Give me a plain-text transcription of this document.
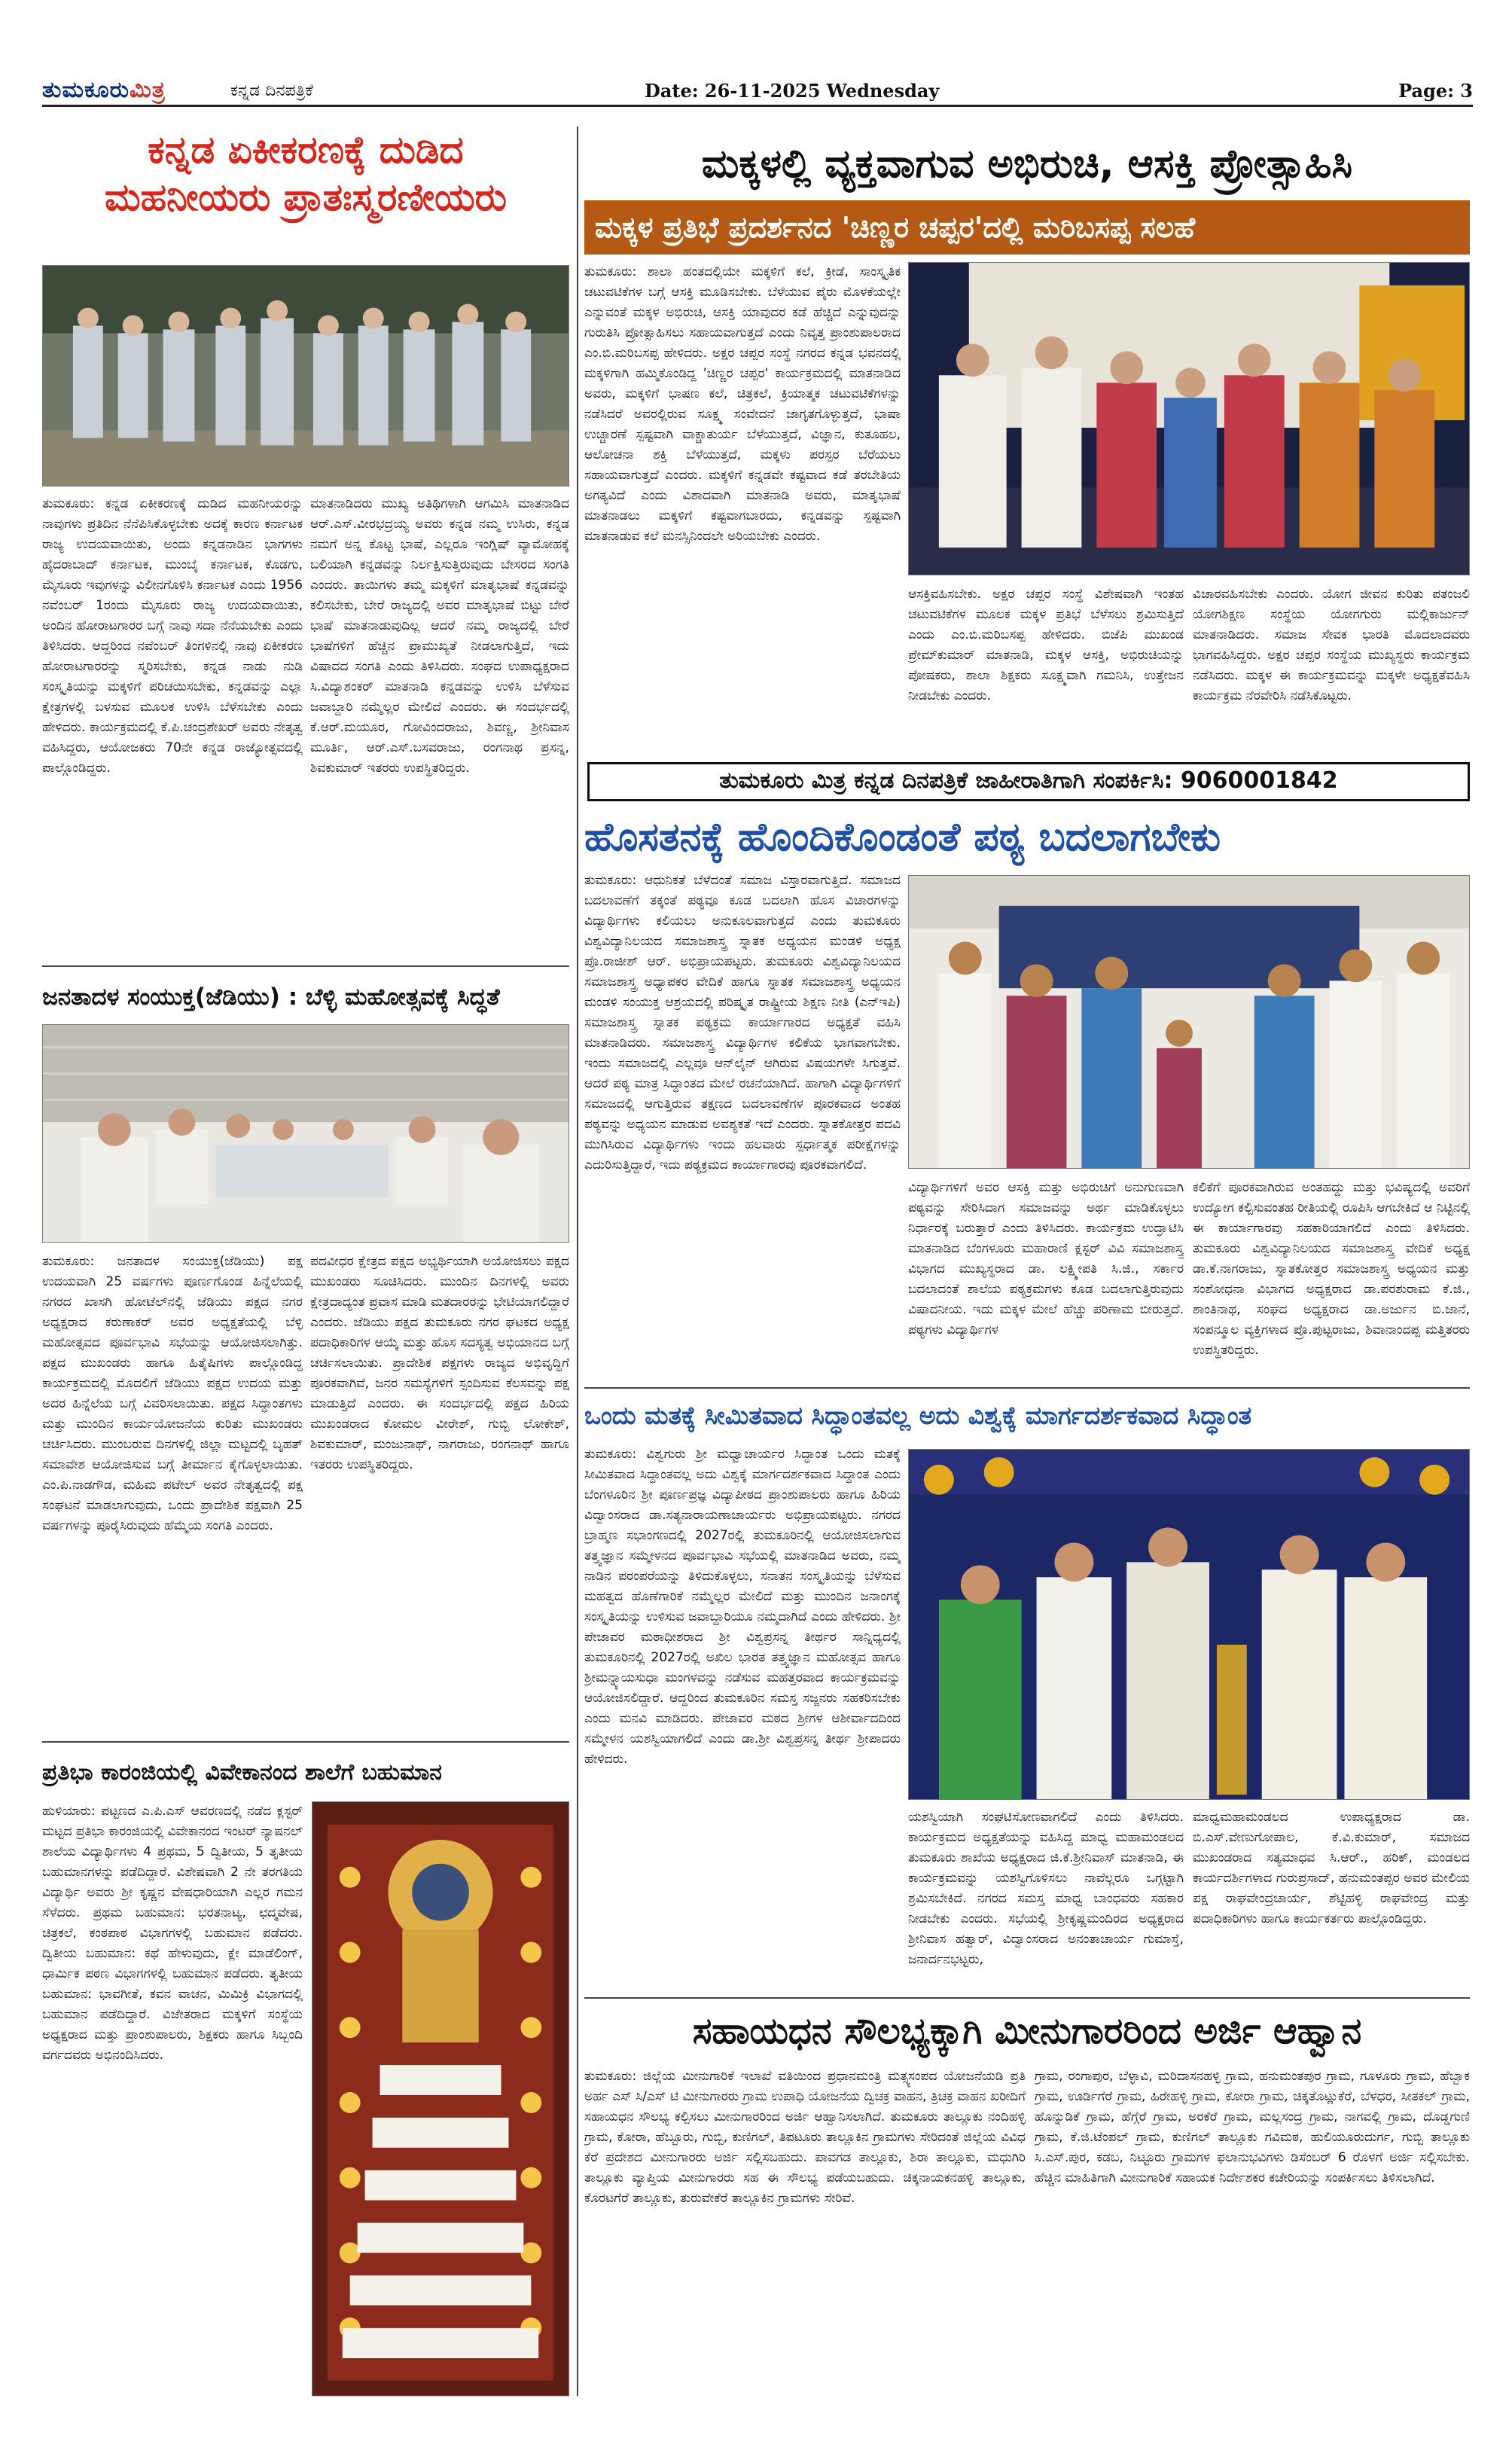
ತುಮಕೂರುಮಿತ್ರ	ಕನ್ನಡ ದಿನಪತ್ರಿಕೆ	Date: 26-11-2025 Wednesday	Page: 3
ಕನ್ನಡ ಏಕೀಕರಣಕ್ಕೆ ದುಡಿದ
ಮಹನೀಯರು ಪ್ರಾತಃಸ್ಮರಣೀಯರು
ತುಮಕೂರು: ಕನ್ನಡ ಏಕೀಕರಣಕ್ಕೆ ದುಡಿದ ಮಹನೀಯರನ್ನು ನಾವುಗಳು ಪ್ರತಿದಿನ ನೆನೆಪಿಸಿಕೊಳ್ಳಬೇಕು ಅದಕ್ಕೆ ಕಾರಣ ಕರ್ನಾಟಕ ರಾಜ್ಯ ಉದಯವಾಯಿತು, ಅಂದು ಕನ್ನಡನಾಡಿನ ಭಾಗಗಳು ಹೈದರಾಬಾದ್ ಕರ್ನಾಟಕ, ಮುಂಬೈ ಕರ್ನಾಟಕ, ಕೊಡಗು, ಮೈಸೂರು ಇವುಗಳನ್ನು ವಿಲೀನಗೊಳಿಸಿ ಕರ್ನಾಟಕ ಎಂದು 1956 ನವೆಂಬರ್ 1ರಂದು ಮೈಸೂರು ರಾಜ್ಯ ಉದಯವಾಯಿತು, ಅಂದಿನ ಹೋರಾಟಗಾರರ ಬಗ್ಗೆ ನಾವು ಸದಾ ನೆನೆಯಬೇಕು ಎಂದು ತಿಳಿಸಿದರು. ಆದ್ದರಿಂದ ನವೆಂಬರ್ ತಿಂಗಳಿನಲ್ಲಿ ನಾವು ಏಕೀಕರಣ ಹೋರಾಟಗಾರರನ್ನು ಸ್ಮರಿಸಬೇಕು, ಕನ್ನಡ ನಾಡು ನುಡಿ ಸಂಸ್ಕೃತಿಯನ್ನು ಮಕ್ಕಳಿಗೆ ಪರಿಚಯಿಸಬೇಕು, ಕನ್ನಡವನ್ನು ಎಲ್ಲಾ ಕ್ಷೇತ್ರಗಳಲ್ಲಿ ಬಳಸುವ ಮೂಲಕ ಉಳಿಸಿ ಬೆಳೆಸಬೇಕು ಎಂದು ಹೇಳಿದರು. ಕಾರ್ಯಕ್ರಮದಲ್ಲಿ ಕೆ.ಪಿ.ಚಂದ್ರಶೇಖರ್ ಅವರು ನೇತೃತ್ವ ವಹಿಸಿದ್ದರು, ಆಯೋಜಕರು 70ನೇ ಕನ್ನಡ ರಾಜ್ಯೋತ್ಸವದಲ್ಲಿ ಪಾಲ್ಗೊಂಡಿದ್ದರು.
ಮಾತನಾಡಿದರು ಮುಖ್ಯ ಅತಿಥಿಗಳಾಗಿ ಆಗಮಿಸಿ ಮಾತನಾಡಿದ ಆರ್.ಎಸ್.ವೀರಭದ್ರಯ್ಯ ಅವರು ಕನ್ನಡ ನಮ್ಮ ಉಸಿರು, ಕನ್ನಡ ನಮಗೆ ಅನ್ನ ಕೊಟ್ಟ ಭಾಷೆ, ಎಲ್ಲರೂ ಇಂಗ್ಲಿಷ್ ವ್ಯಾಮೋಹಕ್ಕೆ ಬಲಿಯಾಗಿ ಕನ್ನಡವನ್ನು ನಿರ್ಲಕ್ಷಿಸುತ್ತಿರುವುದು ಬೇಸರದ ಸಂಗತಿ ಎಂದರು. ತಾಯಿಗಳು ತಮ್ಮ ಮಕ್ಕಳಿಗೆ ಮಾತೃಭಾಷೆ ಕನ್ನಡವನ್ನು ಕಲಿಸಬೇಕು, ಬೇರೆ ರಾಜ್ಯದಲ್ಲಿ ಅವರ ಮಾತೃಭಾಷೆ ಬಿಟ್ಟು ಬೇರೆ ಭಾಷೆ ಮಾತನಾಡುವುದಿಲ್ಲ ಆದರೆ ನಮ್ಮ ರಾಜ್ಯದಲ್ಲಿ ಬೇರೆ ಭಾಷೆಗಳಿಗೆ ಹೆಚ್ಚಿನ ಪ್ರಾಮುಖ್ಯತೆ ನೀಡಲಾಗುತ್ತಿದೆ, ಇದು ವಿಷಾದದ ಸಂಗತಿ ಎಂದು ತಿಳಿಸಿದರು. ಸಂಘದ ಉಪಾಧ್ಯಕ್ಷರಾದ ಸಿ.ವಿದ್ಯಾಶಂಕರ್ ಮಾತನಾಡಿ ಕನ್ನಡವನ್ನು ಉಳಿಸಿ ಬೆಳೆಸುವ ಜವಾಬ್ದಾರಿ ನಮ್ಮೆಲ್ಲರ ಮೇಲಿದೆ ಎಂದರು. ಈ ಸಂದರ್ಭದಲ್ಲಿ ಕೆ.ಆರ್.ಮಯೂರ, ಗೋವಿಂದರಾಜು, ಶಿವಣ್ಣ, ಶ್ರೀನಿವಾಸ ಮೂರ್ತಿ, ಆರ್.ಎಸ್.ಬಸವರಾಜು, ರಂಗನಾಥ ಪ್ರಸನ್ನ, ಶಿವಕುಮಾರ್ ಇತರರು ಉಪಸ್ಥಿತರಿದ್ದರು.
ಜನತಾದಳ ಸಂಯುಕ್ತ(ಜೆಡಿಯು) : ಬೆಳ್ಳಿ ಮಹೋತ್ಸವಕ್ಕೆ ಸಿದ್ಧತೆ
ತುಮಕೂರು: ಜನತಾದಳ ಸಂಯುಕ್ತ(ಜೆಡಿಯು) ಪಕ್ಷ ಉದಯವಾಗಿ 25 ವರ್ಷಗಳು ಪೂರ್ಣಗೊಂಡ ಹಿನ್ನೆಲೆಯಲ್ಲಿ ನಗರದ ಖಾಸಗಿ ಹೋಟೆಲ್‌ನಲ್ಲಿ ಜೆಡಿಯು ಪಕ್ಷದ ನಗರ ಅಧ್ಯಕ್ಷರಾದ ಕರುಣಾಕರ್ ಅವರ ಅಧ್ಯಕ್ಷತೆಯಲ್ಲಿ ಬೆಳ್ಳಿ ಮಹೋತ್ಸವದ ಪೂರ್ವಭಾವಿ ಸಭೆಯನ್ನು ಆಯೋಜಿಸಲಾಗಿತ್ತು. ಪಕ್ಷದ ಮುಖಂಡರು ಹಾಗೂ ಹಿತೈಷಿಗಳು ಪಾಲ್ಗೊಂಡಿದ್ದ ಕಾರ್ಯಕ್ರಮದಲ್ಲಿ ಮೊದಲಿಗೆ ಜೆಡಿಯು ಪಕ್ಷದ ಉದಯ ಮತ್ತು ಅದರ ಹಿನ್ನೆಲೆಯ ಬಗ್ಗೆ ವಿವರಿಸಲಾಯಿತು. ಪಕ್ಷದ ಸಿದ್ಧಾಂತಗಳು ಮತ್ತು ಮುಂದಿನ ಕಾರ್ಯಯೋಜನೆಯ ಕುರಿತು ಮುಖಂಡರು ಚರ್ಚಿಸಿದರು. ಮುಂಬರುವ ದಿನಗಳಲ್ಲಿ ಜಿಲ್ಲಾ ಮಟ್ಟದಲ್ಲಿ ಬೃಹತ್ ಸಮಾವೇಶ ಆಯೋಜಿಸುವ ಬಗ್ಗೆ ತೀರ್ಮಾನ ಕೈಗೊಳ್ಳಲಾಯಿತು. ಎಂ.ಪಿ.ನಾಡಗೌಡ, ಮಹಿಮ ಪಟೇಲ್ ಅವರ ನೇತೃತ್ವದಲ್ಲಿ ಪಕ್ಷ ಸಂಘಟನೆ ಮಾಡಲಾಗುವುದು, ಒಂದು ಪ್ರಾದೇಶಿಕ ಪಕ್ಷವಾಗಿ 25 ವರ್ಷಗಳನ್ನು ಪೂರೈಸಿರುವುದು ಹೆಮ್ಮೆಯ ಸಂಗತಿ ಎಂದರು.
ಪದವೀಧರ ಕ್ಷೇತ್ರದ ಪಕ್ಷದ ಅಭ್ಯರ್ಥಿಯಾಗಿ ಅಯೋಜಿಸಲು ಪಕ್ಷದ ಮುಖಂಡರು ಸೂಚಿಸಿದರು. ಮುಂದಿನ ದಿನಗಳಲ್ಲಿ ಅವರು ಕ್ಷೇತ್ರದಾದ್ಯಂತ ಪ್ರವಾಸ ಮಾಡಿ ಮತದಾರರನ್ನು ಭೇಟಿಯಾಗಲಿದ್ದಾರೆ ಎಂದರು. ಜೆಡಿಯು ಪಕ್ಷದ ತುಮಕೂರು ನಗರ ಘಟಕದ ಅಧ್ಯಕ್ಷ ಪದಾಧಿಕಾರಿಗಳ ಆಯ್ಕೆ ಮತ್ತು ಹೊಸ ಸದಸ್ಯತ್ವ ಅಭಿಯಾನದ ಬಗ್ಗೆ ಚರ್ಚಿಸಲಾಯಿತು. ಪ್ರಾದೇಶಿಕ ಪಕ್ಷಗಳು ರಾಜ್ಯದ ಅಭಿವೃದ್ಧಿಗೆ ಪೂರಕವಾಗಿವೆ, ಜನರ ಸಮಸ್ಯೆಗಳಿಗೆ ಸ್ಪಂದಿಸುವ ಕೆಲಸವನ್ನು ಪಕ್ಷ ಮಾಡುತ್ತಿದೆ ಎಂದರು. ಈ ಸಂದರ್ಭದಲ್ಲಿ ಪಕ್ಷದ ಹಿರಿಯ ಮುಖಂಡರಾದ ಕೋಮಲ ವೀರೇಶ್, ಗುಬ್ಬಿ ಲೋಕೇಶ್, ಶಿವಕುಮಾರ್, ಮಂಜುನಾಥ್, ನಾಗರಾಜು, ರಂಗನಾಥ್ ಹಾಗೂ ಇತರರು ಉಪಸ್ಥಿತರಿದ್ದರು.
ಪ್ರತಿಭಾ ಕಾರಂಜಿಯಲ್ಲಿ ವಿವೇಕಾನಂದ ಶಾಲೆಗೆ ಬಹುಮಾನ
ಹುಳಿಯಾರು: ಪಟ್ಟಣದ ಎ.ಪಿ.ಎಸ್ ಆವರಣದಲ್ಲಿ ನಡೆದ ಕ್ಲಸ್ಟರ್ ಮಟ್ಟದ ಪ್ರತಿಭಾ ಕಾರಂಜಿಯಲ್ಲಿ ವಿವೇಕಾನಂದ ಇಂಟರ್ ನ್ಯಾಷನಲ್ ಶಾಲೆಯ ವಿದ್ಯಾರ್ಥಿಗಳು 4 ಪ್ರಥಮ, 5 ದ್ವಿತೀಯ, 5 ತೃತೀಯ ಬಹುಮಾನಗಳನ್ನು ಪಡೆದಿದ್ದಾರೆ. ವಿಶೇಷವಾಗಿ 2 ನೇ ತರಗತಿಯ ವಿದ್ಯಾರ್ಥಿ ಅವರು ಶ್ರೀ ಕೃಷ್ಣನ ವೇಷಧಾರಿಯಾಗಿ ಎಲ್ಲರ ಗಮನ ಸೆಳೆದರು. ಪ್ರಥಮ ಬಹುಮಾನ: ಭರತನಾಟ್ಯ, ಛದ್ಮವೇಷ, ಚಿತ್ರಕಲೆ, ಕಂಠಪಾಠ ವಿಭಾಗಗಳಲ್ಲಿ ಬಹುಮಾನ ಪಡೆದರು. ದ್ವಿತೀಯ ಬಹುಮಾನ: ಕಥೆ ಹೇಳುವುದು, ಕ್ಲೇ ಮಾಡೆಲಿಂಗ್, ಧಾರ್ಮಿಕ ಪಠಣ ವಿಭಾಗಗಳಲ್ಲಿ ಬಹುಮಾನ ಪಡೆದರು. ತೃತೀಯ ಬಹುಮಾನ: ಭಾವಗೀತೆ, ಕವನ ವಾಚನ, ಮಿಮಿಕ್ರಿ ವಿಭಾಗದಲ್ಲಿ ಬಹುಮಾನ ಪಡೆದಿದ್ದಾರೆ. ವಿಜೇತರಾದ ಮಕ್ಕಳಿಗೆ ಸಂಸ್ಥೆಯ ಅಧ್ಯಕ್ಷರಾದ ಮತ್ತು ಪ್ರಾಂಶುಪಾಲರು, ಶಿಕ್ಷಕರು ಹಾಗೂ ಸಿಬ್ಬಂದಿ ವರ್ಗದವರು ಅಭಿನಂದಿಸಿದರು.
ಮಕ್ಕಳಲ್ಲಿ ವ್ಯಕ್ತವಾಗುವ ಅಭಿರುಚಿ, ಆಸಕ್ತಿ ಪ್ರೋತ್ಸಾಹಿಸಿ
ಮಕ್ಕಳ ಪ್ರತಿಭೆ ಪ್ರದರ್ಶನದ 'ಚಿಣ್ಣರ ಚಪ್ಪರ'ದಲ್ಲಿ ಮರಿಬಸಪ್ಪ ಸಲಹೆ
ತುಮಕೂರು: ಶಾಲಾ ಹಂತದಲ್ಲಿಯೇ ಮಕ್ಕಳಿಗೆ ಕಲೆ, ಕ್ರೀಡೆ, ಸಾಂಸ್ಕೃತಿಕ ಚಟುವಟಿಕೆಗಳ ಬಗ್ಗೆ ಆಸಕ್ತಿ ಮೂಡಿಸಬೇಕು. ಬೆಳೆಯುವ ಪೈರು ಮೊಳಕೆಯಲ್ಲೇ ಎನ್ನುವಂತೆ ಮಕ್ಕಳ ಅಭಿರುಚಿ, ಆಸಕ್ತಿ ಯಾವುದರ ಕಡೆ ಹೆಚ್ಚಿದೆ ಎನ್ನುವುದನ್ನು ಗುರುತಿಸಿ ಪ್ರೋತ್ಸಾಹಿಸಲು ಸಹಾಯವಾಗುತ್ತದೆ ಎಂದು ನಿವೃತ್ತ ಪ್ರಾಂಶುಪಾಲರಾದ ಎಂ.ಬಿ.ಮರಿಬಸಪ್ಪ ಹೇಳಿದರು. ಅಕ್ಷರ ಚಪ್ಪರ ಸಂಸ್ಥೆ ನಗರದ ಕನ್ನಡ ಭವನದಲ್ಲಿ ಮಕ್ಕಳಿಗಾಗಿ ಹಮ್ಮಿಕೊಂಡಿದ್ದ 'ಚಿಣ್ಣರ ಚಪ್ಪರ' ಕಾರ್ಯಕ್ರಮದಲ್ಲಿ ಮಾತನಾಡಿದ ಅವರು, ಮಕ್ಕಳಿಗೆ ಭಾಷಣ ಕಲೆ, ಚಿತ್ರಕಲೆ, ಕ್ರಿಯಾತ್ಮಕ ಚಟುವಟಿಕೆಗಳನ್ನು ನಡೆಸಿದರೆ ಅವರಲ್ಲಿರುವ ಸೂಕ್ಷ್ಮ ಸಂವೇದನೆ ಜಾಗೃತಗೊಳ್ಳುತ್ತದೆ, ಭಾಷಾ ಉಚ್ಚಾರಣೆ ಸ್ಪಷ್ಟವಾಗಿ ವಾಕ್ಚಾತುರ್ಯ ಬೆಳೆಯುತ್ತದೆ, ವಿಜ್ಞಾನ, ಕುತೂಹಲ, ಆಲೋಚನಾ ಶಕ್ತಿ ಬೆಳೆಯುತ್ತದೆ, ಮಕ್ಕಳು ಪರಸ್ಪರ ಬೆರೆಯಲು ಸಹಾಯವಾಗುತ್ತದೆ ಎಂದರು. ಮಕ್ಕಳಿಗೆ ಕನ್ನಡವೇ ಕಷ್ಟವಾದ ಕಡೆ ತರಬೇತಿಯ ಅಗತ್ಯವಿದೆ ಎಂದು ವಿಶಾದವಾಗಿ ಮಾತನಾಡಿ ಅವರು, ಮಾತೃಭಾಷೆ ಮಾತನಾಡಲು ಮಕ್ಕಳಿಗೆ ಕಷ್ಟವಾಗಬಾರದು, ಕನ್ನಡವನ್ನು ಸ್ಪಷ್ಟವಾಗಿ ಮಾತನಾಡುವ ಕಲೆ ಮನಸ್ಸಿನಿಂದಲೇ ಅರಿಯಬೇಕು ಎಂದರು.
ಆಸಕ್ತಿವಹಿಸಬೇಕು. ಅಕ್ಷರ ಚಪ್ಪರ ಸಂಸ್ಥೆ ವಿಶೇಷವಾಗಿ ಇಂತಹ ಚಟುವಟಿಕೆಗಳ ಮೂಲಕ ಮಕ್ಕಳ ಪ್ರತಿಭೆ ಬೆಳೆಸಲು ಶ್ರಮಿಸುತ್ತಿದೆ ಎಂದು ಎಂ.ಬಿ.ಮರಿಬಸಪ್ಪ ಹೇಳಿದರು. ಬಿಜೆಪಿ ಮುಖಂಡ ಪ್ರೇಮ್‌ಕುಮಾರ್ ಮಾತನಾಡಿ, ಮಕ್ಕಳ ಆಸಕ್ತಿ, ಅಭಿರುಚಿಯನ್ನು ಪೋಷಕರು, ಶಾಲಾ ಶಿಕ್ಷಕರು ಸೂಕ್ಷ್ಮವಾಗಿ ಗಮನಿಸಿ, ಉತ್ತೇಜನ ನೀಡಬೇಕು ಎಂದರು.
ವಿಚಾರವಹಿಸಬೇಕು ಎಂದರು. ಯೋಗ ಜೀವನ ಕುರಿತು ಪತಂಜಲಿ ಯೋಗಶಿಕ್ಷಣ ಸಂಸ್ಥೆಯ ಯೋಗಗುರು ಮಲ್ಲಿಕಾರ್ಜುನ್ ಮಾತನಾಡಿದರು. ಸಮಾಜ ಸೇವಕ ಭಾರತಿ ಮೊದಲಾದವರು ಭಾಗವಹಿಸಿದ್ದರು. ಅಕ್ಷರ ಚಪ್ಪರ ಸಂಸ್ಥೆಯ ಮುಖ್ಯಸ್ಥರು ಕಾರ್ಯಕ್ರಮ ನಡೆಸಿದರು. ಮಕ್ಕಳ ಈ ಕಾರ್ಯಕ್ರಮವನ್ನು ಮಕ್ಕಳೇ ಅಧ್ಯಕ್ಷತೆವಹಿಸಿ ಕಾರ್ಯಕ್ರಮ ನೆರವೇರಿಸಿ ನಡೆಸಿಕೊಟ್ಟರು.
ತುಮಕೂರು ಮಿತ್ರ ಕನ್ನಡ ದಿನಪತ್ರಿಕೆ ಜಾಹೀರಾತಿಗಾಗಿ ಸಂಪರ್ಕಿಸಿ: 9060001842
ಹೊಸತನಕ್ಕೆ ಹೊಂದಿಕೊಂಡಂತೆ ಪಠ್ಯ ಬದಲಾಗಬೇಕು
ತುಮಕೂರು: ಆಧುನಿಕತೆ ಬೆಳೆದಂತೆ ಸಮಾಜ ವಿಸ್ತಾರವಾಗುತ್ತಿದೆ. ಸಮಾಜದ ಬದಲಾವಣೆಗೆ ತಕ್ಕಂತೆ ಪಠ್ಯವೂ ಕೂಡ ಬದಲಾಗಿ ಹೊಸ ವಿಚಾರಗಳನ್ನು ವಿದ್ಯಾರ್ಥಿಗಳು ಕಲಿಯಲು ಅನುಕೂಲವಾಗುತ್ತದೆ ಎಂದು ತುಮಕೂರು ವಿಶ್ವವಿದ್ಯಾನಿಲಯದ ಸಮಾಜಶಾಸ್ತ್ರ ಸ್ನಾತಕ ಅಧ್ಯಯನ ಮಂಡಳಿ ಅಧ್ಯಕ್ಷ ಪ್ರೊ.ರಾಜೀಶ್ ಆರ್. ಅಭಿಪ್ರಾಯಪಟ್ಟರು. ತುಮಕೂರು ವಿಶ್ವವಿದ್ಯಾನಿಲಯದ ಸಮಾಜಶಾಸ್ತ್ರ ಅಧ್ಯಾಪಕರ ವೇದಿಕೆ ಹಾಗೂ ಸ್ನಾತಕ ಸಮಾಜಶಾಸ್ತ್ರ ಅಧ್ಯಯನ ಮಂಡಳಿ ಸಂಯುಕ್ತ ಆಶ್ರಯದಲ್ಲಿ ಪರಿಷ್ಕೃತ ರಾಷ್ಟ್ರೀಯ ಶಿಕ್ಷಣ ನೀತಿ (ಎನ್‌ಇಪಿ) ಸಮಾಜಶಾಸ್ತ್ರ ಸ್ನಾತಕ ಪಠ್ಯಕ್ರಮ ಕಾರ್ಯಾಗಾರದ ಅಧ್ಯಕ್ಷತೆ ವಹಿಸಿ ಮಾತನಾಡಿದರು. ಸಮಾಜಶಾಸ್ತ್ರ ವಿದ್ಯಾರ್ಥಿಗಳ ಕಲಿಕೆಯ ಭಾಗವಾಗಬೇಕು. ಇಂದು ಸಮಾಜದಲ್ಲಿ ಎಲ್ಲವೂ ಆನ್‌ಲೈನ್ ಆಗಿರುವ ವಿಷಯಗಳೇ ಸಿಗುತ್ತವೆ. ಆದರೆ ಪಠ್ಯ ಮಾತ್ರ ಸಿದ್ಧಾಂತದ ಮೇಲೆ ರಚನೆಯಾಗಿದೆ. ಹಾಗಾಗಿ ವಿದ್ಯಾರ್ಥಿಗಳಿಗೆ ಸಮಾಜದಲ್ಲಿ ಆಗುತ್ತಿರುವ ತಕ್ಷಣದ ಬದಲಾವಣೆಗಳ ಪೂರಕವಾದ ಅಂತಹ ಪಠ್ಯವನ್ನು ಅಧ್ಯಯನ ಮಾಡುವ ಅವಶ್ಯಕತೆ ಇದೆ ಎಂದರು. ಸ್ನಾತಕೋತ್ತರ ಪದವಿ ಮುಗಿಸಿರುವ ವಿದ್ಯಾರ್ಥಿಗಳು ಇಂದು ಹಲವಾರು ಸ್ಪರ್ಧಾತ್ಮಕ ಪರೀಕ್ಷೆಗಳನ್ನು ಎದುರಿಸುತ್ತಿದ್ದಾರೆ, ಇದು ಪಠ್ಯಕ್ರಮದ ಕಾರ್ಯಾಗಾರವು ಪೂರಕವಾಗಲಿದೆ.
ವಿದ್ಯಾರ್ಥಿಗಳಿಗೆ ಅವರ ಆಸಕ್ತಿ ಮತ್ತು ಅಭಿರುಚಿಗೆ ಅನುಗುಣವಾಗಿ ಪಠ್ಯವನ್ನು ಸೇರಿಸಿದಾಗ ಸಮಾಜವನ್ನು ಅರ್ಥ ಮಾಡಿಕೊಳ್ಳಲು ನಿರ್ಧಾರಕ್ಕೆ ಬರುತ್ತಾರೆ ಎಂದು ತಿಳಿಸಿದರು. ಕಾರ್ಯಕ್ರಮ ಉದ್ಘಾಟಿಸಿ ಮಾತನಾಡಿದ ಬೆಂಗಳೂರು ಮಹಾರಾಣಿ ಕ್ಲಸ್ಟರ್ ವಿವಿ ಸಮಾಜಶಾಸ್ತ್ರ ವಿಭಾಗದ ಮುಖ್ಯಸ್ಥರಾದ ಡಾ. ಲಕ್ಷ್ಮೀಪತಿ ಸಿ.ಜಿ., ಸರ್ಕಾರ ಬದಲಾದಂತೆ ಶಾಲೆಯ ಪಠ್ಯಕ್ರಮಗಳು ಕೂಡ ಬದಲಾಗುತ್ತಿರುವುದು ವಿಷಾದನೀಯ. ಇದು ಮಕ್ಕಳ ಮೇಲೆ ಹೆಚ್ಚು ಪರಿಣಾಮ ಬೀರುತ್ತದೆ. ಪಠ್ಯಗಳು ವಿದ್ಯಾರ್ಥಿಗಳ
ಕಲಿಕೆಗೆ ಪೂರಕವಾಗಿರುವ ಅಂತಹದ್ದು ಮತ್ತು ಭವಿಷ್ಯದಲ್ಲಿ ಅವರಿಗೆ ಉದ್ಯೋಗ ಕಲ್ಪಿಸುವಂತಹ ರೀತಿಯಲ್ಲಿ ರೂಪಿಸಿ ಆಗಬೇಕಿದೆ ಆ ನಿಟ್ಟಿನಲ್ಲಿ ಈ ಕಾರ್ಯಾಗಾರವು ಸಹಕಾರಿಯಾಗಲಿದೆ ಎಂದು ತಿಳಿಸಿದರು. ತುಮಕೂರು ವಿಶ್ವವಿದ್ಯಾನಿಲಯದ ಸಮಾಜಶಾಸ್ತ್ರ ವೇದಿಕೆ ಅಧ್ಯಕ್ಷ ಡಾ.ಕೆ.ನಾಗರಾಜು, ಸ್ನಾತಕೋತ್ತರ ಸಮಾಜಶಾಸ್ತ್ರ ಅಧ್ಯಯನ ಮತ್ತು ಸಂಶೋಧನಾ ವಿಭಾಗದ ಅಧ್ಯಕ್ಷರಾದ ಡಾ.ಪರಶುರಾಮ ಕೆ.ಜಿ., ಶಾಂತಿನಾಥ, ಸಂಘದ ಅಧ್ಯಕ್ಷರಾದ ಡಾ.ಅರ್ಜುನ ಬಿ.ಜಾನೆ, ಸಂಪನ್ಮೂಲ ವ್ಯಕ್ತಿಗಳಾದ ಪ್ರೊ.ಪುಟ್ಟರಾಜು, ಶಿವಾನಾಂದಪ್ಪ ಮತ್ತಿತರರು ಉಪಸ್ಥಿತರಿದ್ದರು.
ಒಂದು ಮತಕ್ಕೆ ಸೀಮಿತವಾದ ಸಿದ್ಧಾಂತವಲ್ಲ ಅದು ವಿಶ್ವಕ್ಕೆ ಮಾರ್ಗದರ್ಶಕವಾದ ಸಿದ್ಧಾಂತ
ತುಮಕೂರು: ವಿಶ್ವಗುರು ಶ್ರೀ ಮಧ್ವಾಚಾರ್ಯರ ಸಿದ್ಧಾಂತ ಒಂದು ಮತಕ್ಕೆ ಸೀಮಿತವಾದ ಸಿದ್ಧಾಂತವಲ್ಲ ಅದು ವಿಶ್ವಕ್ಕೆ ಮಾರ್ಗದರ್ಶಕವಾದ ಸಿದ್ಧಾಂತ ಎಂದು ಬೆಂಗಳೂರಿನ ಶ್ರೀ ಪೂರ್ಣಪ್ರಜ್ಞ ವಿದ್ಯಾಪೀಠದ ಪ್ರಾಂಶುಪಾಲರು ಹಾಗೂ ಹಿರಿಯ ವಿದ್ವಾಂಸರಾದ ಡಾ.ಸತ್ಯನಾರಾಯಣಾಚಾರ್ಯರು ಅಭಿಪ್ರಾಯಪಟ್ಟರು. ನಗರದ ಬ್ರಾಹ್ಮಣ ಸಭಾಂಗಣದಲ್ಲಿ 2027ರಲ್ಲಿ ತುಮಕೂರಿನಲ್ಲಿ ಆಯೋಜಿಸಲಾಗುವ ತತ್ತ್ವಜ್ಞಾನ ಸಮ್ಮೇಳನದ ಪೂರ್ವಭಾವಿ ಸಭೆಯಲ್ಲಿ ಮಾತನಾಡಿದ ಅವರು, ನಮ್ಮ ನಾಡಿನ ಪರಂಪರೆಯನ್ನು ತಿಳಿದುಕೊಳ್ಳಲು, ಸನಾತನ ಸಂಸ್ಕೃತಿಯನ್ನು ಬೆಳೆಸುವ ಮಹತ್ವದ ಹೊಣೆಗಾರಿಕೆ ನಮ್ಮೆಲ್ಲರ ಮೇಲಿದೆ ಮತ್ತು ಮುಂದಿನ ಜನಾಂಗಕ್ಕೆ ಸಂಸ್ಕೃತಿಯನ್ನು ಉಳಿಸುವ ಜವಾಬ್ದಾರಿಯೂ ನಮ್ಮದಾಗಿದೆ ಎಂದು ಹೇಳಿದರು. ಶ್ರೀ ಪೇಜಾವರ ಮಠಾಧೀಶರಾದ ಶ್ರೀ ವಿಶ್ವಪ್ರಸನ್ನ ತೀರ್ಥರ ಸಾನ್ನಿಧ್ಯದಲ್ಲಿ ತುಮಕೂರಿನಲ್ಲಿ 2027ರಲ್ಲಿ ಅಖಿಲ ಭಾರತ ತತ್ತ್ವಜ್ಞಾನ ಮಹೋತ್ಸವ ಹಾಗೂ ಶ್ರೀಮನ್ನ್ಯಾಯಸುಧಾ ಮಂಗಳವನ್ನು ನಡೆಸುವ ಮಹತ್ತರವಾದ ಕಾರ್ಯಕ್ರಮವನ್ನು ಆಯೋಜಿಸಲಿದ್ದಾರೆ. ಆದ್ದರಿಂದ ತುಮಕೂರಿನ ಸಮಸ್ತ ಸಜ್ಜನರು ಸಹಕರಿಸಬೇಕು ಎಂದು ಮನವಿ ಮಾಡಿದರು. ಪೇಜಾವರ ಮಠದ ಶ್ರೀಗಳ ಆಶೀರ್ವಾದದಿಂದ ಸಮ್ಮೇಳನ ಯಶಸ್ವಿಯಾಗಲಿದೆ ಎಂದು ಡಾ.ಶ್ರೀ ವಿಶ್ವಪ್ರಸನ್ನ ತೀರ್ಥ ಶ್ರೀಪಾದರು ಹೇಳಿದರು.
ಯಶಸ್ವಿಯಾಗಿ ಸಂಘಟಿಸೋಣವಾಗಲಿದೆ ಎಂದು ತಿಳಿಸಿದರು. ಕಾರ್ಯಕ್ರಮದ ಅಧ್ಯಕ್ಷತೆಯನ್ನು ವಹಿಸಿದ್ದ ಮಾಧ್ವ ಮಹಾಮಂಡಲದ ತುಮಕೂರು ಶಾಖೆಯ ಅಧ್ಯಕ್ಷರಾದ ಜಿ.ಕೆ.ಶ್ರೀನಿವಾಸ್ ಮಾತನಾಡಿ, ಈ ಕಾರ್ಯಕ್ರಮವನ್ನು ಯಶಸ್ವಿಗೊಳಿಸಲು ನಾವೆಲ್ಲರೂ ಒಗ್ಗಟ್ಟಾಗಿ ಶ್ರಮಿಸಬೇಕಿದೆ. ನಗರದ ಸಮಸ್ತ ಮಾಧ್ವ ಬಾಂಧವರು ಸಹಕಾರ ನೀಡಬೇಕು ಎಂದರು. ಸಭೆಯಲ್ಲಿ ಶ್ರೀಕೃಷ್ಣಮಂದಿರದ ಅಧ್ಯಕ್ಷರಾದ ಶ್ರೀನಿವಾಸ ಹತ್ವಾರ್, ವಿದ್ವಾಂಸರಾದ ಅನಂತಾಚಾರ್ಯ ಗುಮಾಸ್ತೆ, ಜನಾರ್ದನಭಟ್ಟರು,
ಮಾಧ್ವಮಹಾಮಂಡಲದ ಉಪಾಧ್ಯಕ್ಷರಾದ ಡಾ. ಬಿ.ಎಸ್.ವೇಣುಗೋಪಾಲ, ಕೆ.ವಿ.ಕುಮಾರ್, ಸಮಾಜದ ಮುಖಂಡರಾದ ಸತ್ಯಮಾಧವ ಸಿ.ಆರ್., ಹರಿಕ್, ಮಂಡಲದ ಕಾರ್ಯದರ್ಶಿಗಳಾದ ಗುರುಪ್ರಸಾದ್, ಹನುಮಂತಪ್ಪರ ಅವರ ಮೇಲಿಯ ಪಕ್ಷ ರಾಘವೇಂದ್ರಚಾರ್ಯ, ಶೆಟ್ಟಿಹಳ್ಳಿ ರಾಘವೇಂದ್ರ ಮತ್ತು ಪದಾಧಿಕಾರಿಗಳು ಹಾಗೂ ಕಾರ್ಯಕರ್ತರು ಪಾಲ್ಗೊಂಡಿದ್ದರು.
ಸಹಾಯಧನ ಸೌಲಭ್ಯಕ್ಕಾಗಿ ಮೀನುಗಾರರಿಂದ ಅರ್ಜಿ ಆಹ್ವಾನ
ತುಮಕೂರು: ಜಿಲ್ಲೆಯ ಮೀನುಗಾರಿಕೆ ಇಲಾಖೆ ವತಿಯಿಂದ ಪ್ರಧಾನಮಂತ್ರಿ ಮತ್ಸ್ಯಸಂಪದ ಯೋಜನೆಯಡಿ ಪ್ರತಿ ಅರ್ಹ ಎಸ್ ಸಿ/ಎಸ್ ಟಿ ಮೀನುಗಾರರು ಗ್ರಾಮ ಉಪಾಧಿ ಯೋಜನೆಯ ದ್ವಿಚಕ್ರ ವಾಹನ, ತ್ರಿಚಕ್ರ ವಾಹನ ಖರೀದಿಗೆ ಸಹಾಯಧನ ಸೌಲಭ್ಯ ಕಲ್ಪಿಸಲು ಮೀನುಗಾರರಿಂದ ಅರ್ಜಿ ಆಹ್ವಾನಿಸಲಾಗಿದೆ. ತುಮಕೂರು ತಾಲ್ಲೂಕು ನಂದಿಹಳ್ಳಿ ಗ್ರಾಮ, ಕೋರಾ, ಹೆಬ್ಬೂರು, ಗುಬ್ಬಿ, ಕುಣಿಗಲ್, ತಿಪಟೂರು ತಾಲ್ಲೂಕಿನ ಗ್ರಾಮಗಳು ಸೇರಿದಂತೆ ಜಿಲ್ಲೆಯ ವಿವಿಧ ಕೆರೆ ಪ್ರದೇಶದ ಮೀನುಗಾರರು ಅರ್ಜಿ ಸಲ್ಲಿಸಬಹುದು. ಪಾವಗಡ ತಾಲ್ಲೂಕು, ಶಿರಾ ತಾಲ್ಲೂಕು, ಮಧುಗಿರಿ ತಾಲ್ಲೂಕು ವ್ಯಾಪ್ತಿಯ ಮೀನುಗಾರರು ಸಹ ಈ ಸೌಲಭ್ಯ ಪಡೆಯಬಹುದು. ಚಿಕ್ಕನಾಯಕನಹಳ್ಳಿ ತಾಲ್ಲೂಕು, ಕೊರಟಗೆರೆ ತಾಲ್ಲೂಕು, ತುರುವೇಕೆರೆ ತಾಲ್ಲೂಕಿನ ಗ್ರಾಮಗಳು ಸೇರಿವೆ.
ಗ್ರಾಮ, ರಂಗಾಪುರ, ಬೆಳ್ಳಾವಿ, ಮರಿದಾಸನಹಳ್ಳಿ ಗ್ರಾಮ, ಹನುಮಂತಪುರ ಗ್ರಾಮ, ಗೂಳೂರು ಗ್ರಾಮ, ಹೆಬ್ಬಾಕ ಗ್ರಾಮ, ಊರ್ಡಿಗೆರೆ ಗ್ರಾಮ, ಹಿರೇಹಳ್ಳಿ ಗ್ರಾಮ, ಕೋರಾ ಗ್ರಾಮ, ಚಿಕ್ಕತೊಟ್ಲುಕೆರೆ, ಬೆಳಧರ, ಸೀತಕಲ್ ಗ್ರಾಮ, ಹೊನ್ನುಡಿಕೆ ಗ್ರಾಮ, ಹೆಗ್ಗೆರೆ ಗ್ರಾಮ, ಅರಕೆರೆ ಗ್ರಾಮ, ಮಲ್ಲಸಂದ್ರ ಗ್ರಾಮ, ನಾಗವಲ್ಲಿ ಗ್ರಾಮ, ದೊಡ್ಡಗುಣಿ ಗ್ರಾಮ, ಕೆ.ಜಿ.ಟೆಂಪಲ್ ಗ್ರಾಮ, ಕುಣಿಗಲ್ ತಾಲ್ಲೂಕು ಗವಿಮಠ, ಹುಲಿಯೂರುದುರ್ಗ, ಗುಬ್ಬಿ ತಾಲ್ಲೂಕು ಸಿ.ಎಸ್.ಪುರ, ಕಡಬ, ನಿಟ್ಟೂರು ಗ್ರಾಮಗಳ ಫಲಾನುಭವಿಗಳು ಡಿಸೆಂಬರ್ 6 ರೊಳಗೆ ಅರ್ಜಿ ಸಲ್ಲಿಸಬೇಕು. ಹೆಚ್ಚಿನ ಮಾಹಿತಿಗಾಗಿ ಮೀನುಗಾರಿಕೆ ಸಹಾಯಕ ನಿರ್ದೇಶಕರ ಕಚೇರಿಯನ್ನು ಸಂಪರ್ಕಿಸಲು ತಿಳಿಸಲಾಗಿದೆ.
